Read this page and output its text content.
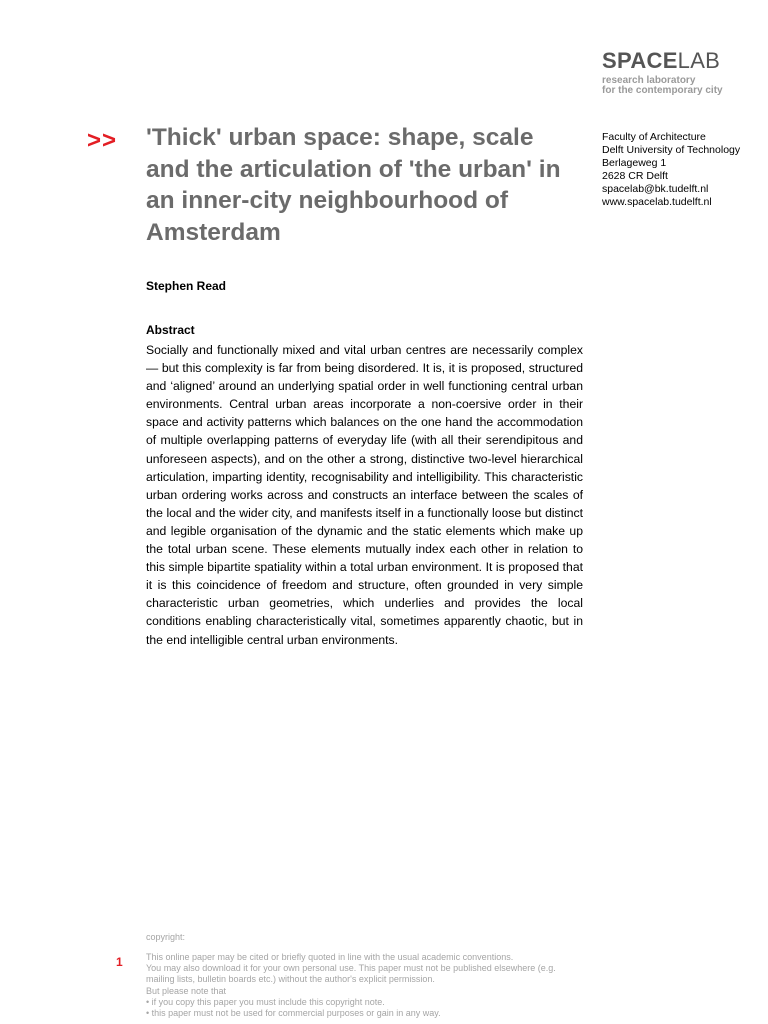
SPACELAB
research laboratory
for the contemporary city
>> 'Thick' urban space: shape, scale and the articulation of 'the urban' in an inner-city neighbourhood of Amsterdam
Faculty of Architecture
Delft University of Technology
Berlageweg 1
2628 CR Delft
spacelab@bk.tudelft.nl
www.spacelab.tudelft.nl
Stephen Read
Abstract

Socially and functionally mixed and vital urban centres are necessarily complex — but this complexity is far from being disordered. It is, it is proposed, structured and ‘aligned’ around an underlying spatial order in well functioning central urban environments. Central urban areas incorporate a non-coersive order in their space and activity patterns which balances on the one hand the accommodation of multiple overlapping patterns of everyday life (with all their serendipitous and unforeseen aspects), and on the other a strong, distinctive two-level hierarchical articulation, imparting identity, recognisability and intelligibility. This characteristic urban ordering works across and constructs an interface between the scales of the local and the wider city, and manifests itself in a functionally loose but distinct and legible organisation of the dynamic and the static elements which make up the total urban scene. These elements mutually index each other in relation to this simple bipartite spatiality within a total urban environment. It is proposed that it is this coincidence of freedom and structure, often grounded in very simple characteristic urban geometries, which underlies and provides the local conditions enabling characteristically vital, sometimes apparently chaotic, but in the end intelligible central urban environments.

copyright:
1	This online paper may be cited or briefly quoted in line with the usual academic conventions.
You may also download it for your own personal use. This paper must not be published elsewhere (e.g.
mailing lists, bulletin boards etc.) without the author's explicit permission.
But please note that
• if you copy this paper you must include this copyright note.
• this paper must not be used for commercial purposes or gain in any way.
